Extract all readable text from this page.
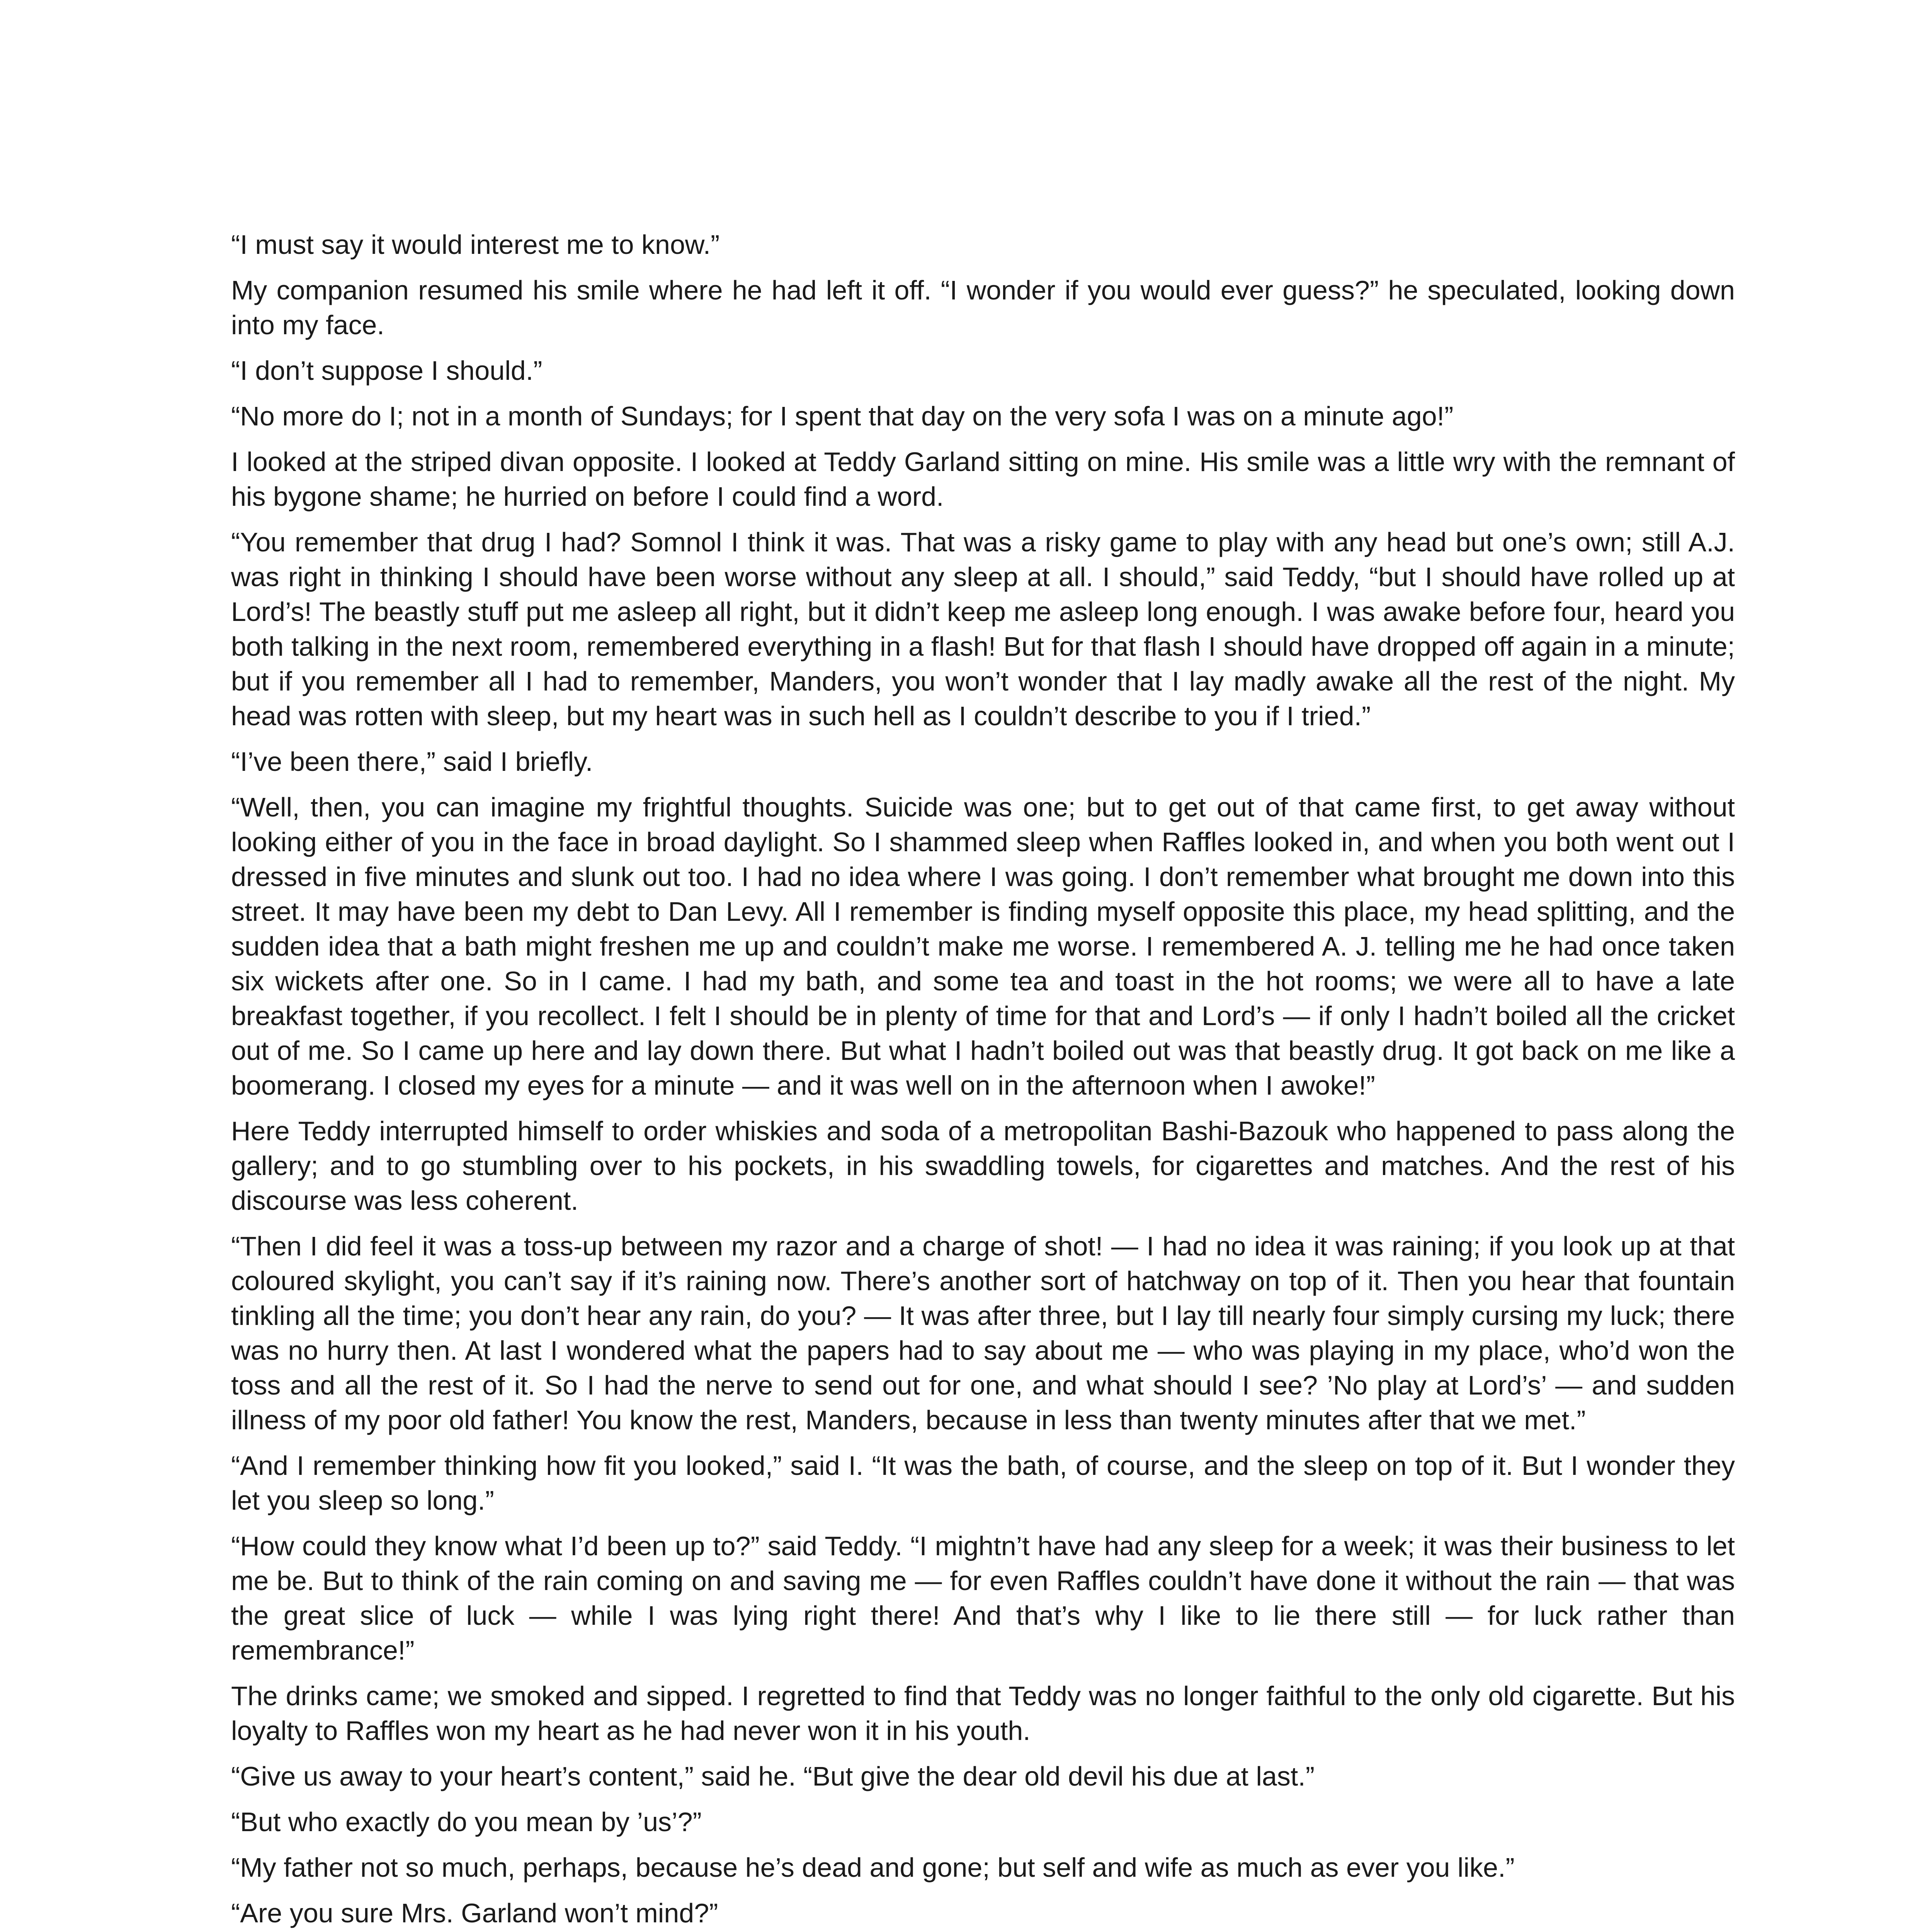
“I must say it would interest me to know.”

My companion resumed his smile where he had left it off. “I wonder if you would ever guess?” he speculated, looking down into my face.

“I don’t suppose I should.”

“No more do I; not in a month of Sundays; for I spent that day on the very sofa I was on a minute ago!”

I looked at the striped divan opposite. I looked at Teddy Garland sitting on mine. His smile was a little wry with the remnant of his bygone shame; he hurried on before I could find a word.

“You remember that drug I had? Somnol I think it was. That was a risky game to play with any head but one’s own; still A.J. was right in thinking I should have been worse without any sleep at all. I should,” said Teddy, “but I should have rolled up at Lord’s! The beastly stuff put me asleep all right, but it didn’t keep me asleep long enough. I was awake before four, heard you both talking in the next room, remembered everything in a flash! But for that flash I should have dropped off again in a minute; but if you remember all I had to remember, Manders, you won’t wonder that I lay madly awake all the rest of the night. My head was rotten with sleep, but my heart was in such hell as I couldn’t describe to you if I tried.”

“I’ve been there,” said I briefly.

“Well, then, you can imagine my frightful thoughts. Suicide was one; but to get out of that came first, to get away without looking either of you in the face in broad daylight. So I shammed sleep when Raffles looked in, and when you both went out I dressed in five minutes and slunk out too. I had no idea where I was going. I don’t remember what brought me down into this street. It may have been my debt to Dan Levy. All I remember is finding myself opposite this place, my head splitting, and the sudden idea that a bath might freshen me up and couldn’t make me worse. I remembered A. J. telling me he had once taken six wickets after one. So in I came. I had my bath, and some tea and toast in the hot rooms; we were all to have a late breakfast together, if you recollect. I felt I should be in plenty of time for that and Lord’s — if only I hadn’t boiled all the cricket out of me. So I came up here and lay down there. But what I hadn’t boiled out was that beastly drug. It got back on me like a boomerang. I closed my eyes for a minute — and it was well on in the afternoon when I awoke!”

Here Teddy interrupted himself to order whiskies and soda of a metropolitan Bashi-Bazouk who happened to pass along the gallery; and to go stumbling over to his pockets, in his swaddling towels, for cigarettes and matches. And the rest of his discourse was less coherent.

“Then I did feel it was a toss-up between my razor and a charge of shot! — I had no idea it was raining; if you look up at that coloured skylight, you can’t say if it’s raining now. There’s another sort of hatchway on top of it. Then you hear that fountain tinkling all the time; you don’t hear any rain, do you? — It was after three, but I lay till nearly four simply cursing my luck; there was no hurry then. At last I wondered what the papers had to say about me — who was playing in my place, who’d won the toss and all the rest of it. So I had the nerve to send out for one, and what should I see? ’No play at Lord’s’ — and sudden illness of my poor old father! You know the rest, Manders, because in less than twenty minutes after that we met.”

“And I remember thinking how fit you looked,” said I. “It was the bath, of course, and the sleep on top of it. But I wonder they let you sleep so long.”

“How could they know what I’d been up to?” said Teddy. “I mightn’t have had any sleep for a week; it was their business to let me be. But to think of the rain coming on and saving me — for even Raffles couldn’t have done it without the rain — that was the great slice of luck — while I was lying right there! And that’s why I like to lie there still — for luck rather than remembrance!”

The drinks came; we smoked and sipped. I regretted to find that Teddy was no longer faithful to the only old cigarette. But his loyalty to Raffles won my heart as he had never won it in his youth.

“Give us away to your heart’s content,” said he. “But give the dear old devil his due at last.”

“But who exactly do you mean by ’us’?”

“My father not so much, perhaps, because he’s dead and gone; but self and wife as much as ever you like.”

“Are you sure Mrs. Garland won’t mind?”
